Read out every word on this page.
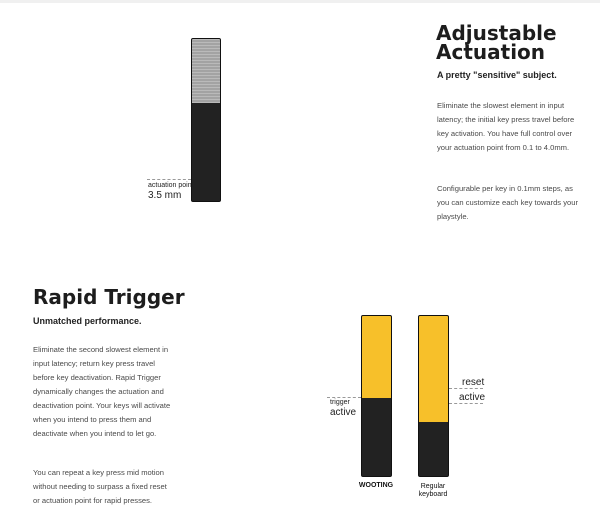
actuation point
3.5 mm
Adjustable
Actuation
A pretty "sensitive" subject.
Eliminate the slowest element in input latency; the initial key press travel before key activation. You have full control over your actuation point from 0.1 to 4.0mm.
Configurable per key in 0.1mm steps, as you can customize each key towards your playstyle.
Rapid Trigger
Unmatched performance.
Eliminate the second slowest element in input latency; return key press travel before key deactivation. Rapid Trigger dynamically changes the actuation and deactivation point. Your keys will activate when you intend to press them and deactivate when you intend to let go.
You can repeat a key press mid motion without needing to surpass a fixed reset or actuation point for rapid presses.
trigger
active
WOOTING
reset
active
Regular
keyboard
